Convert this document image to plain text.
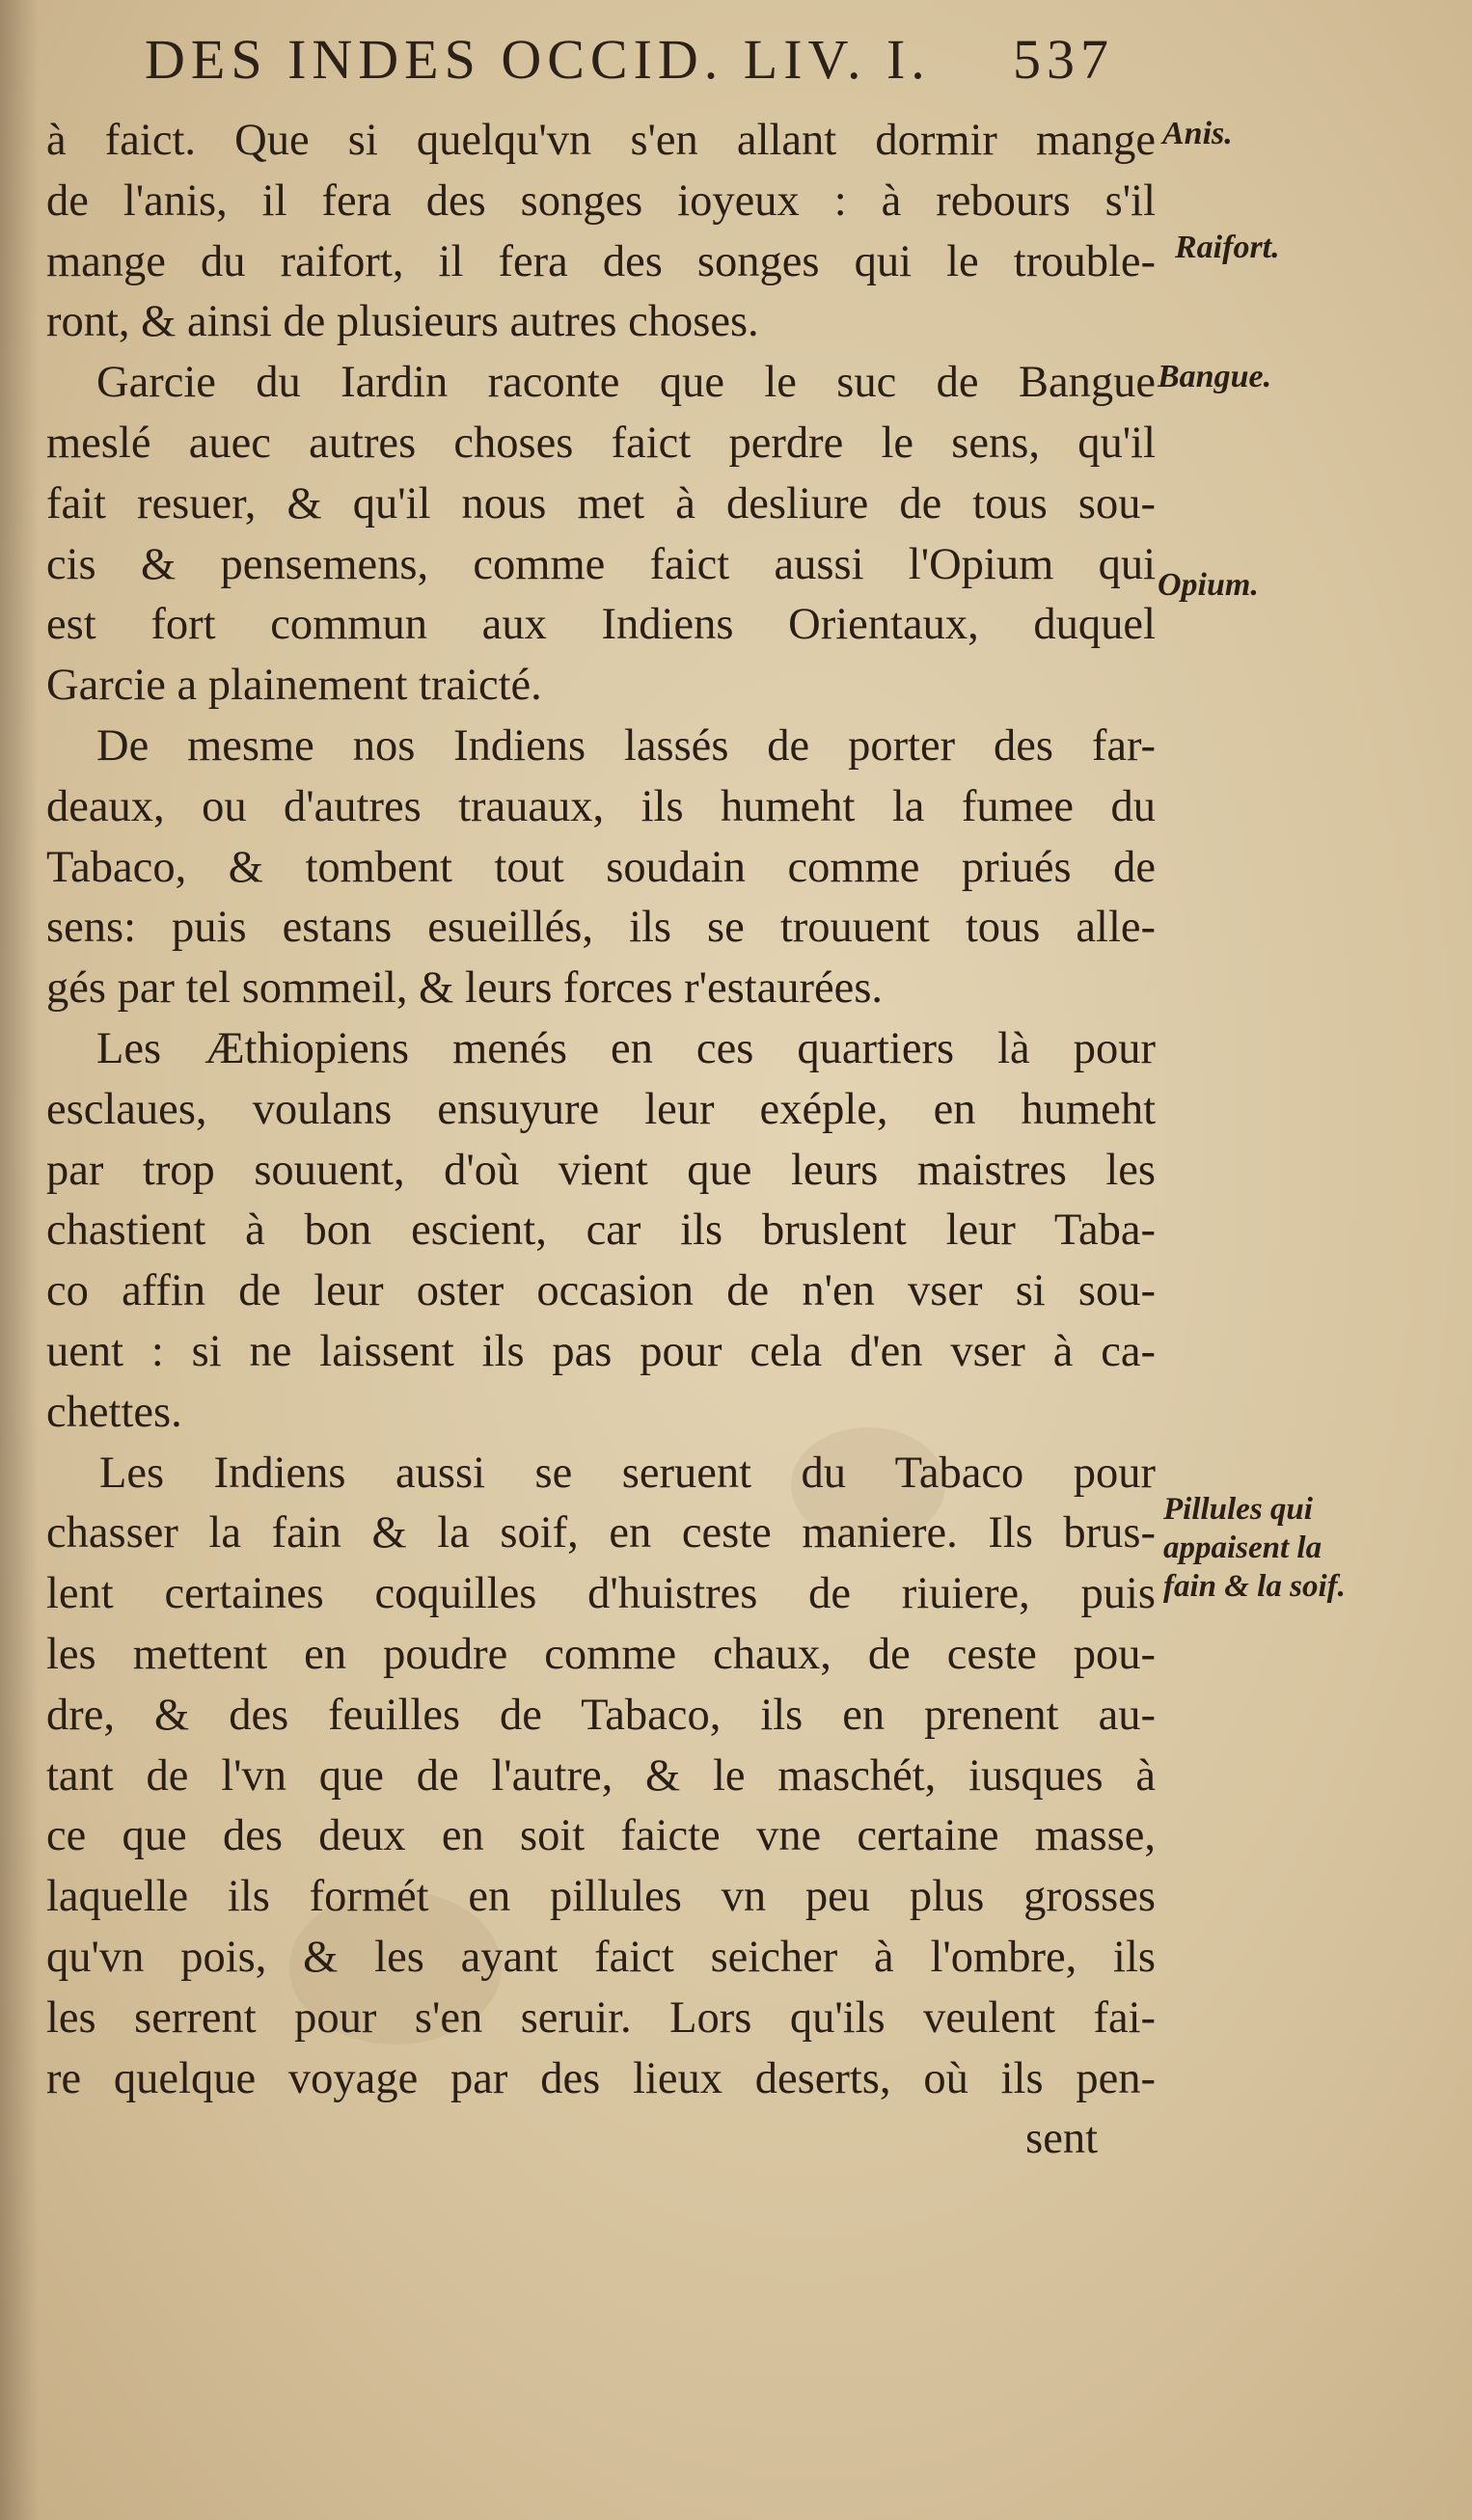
DES INDES OCCID. LIV. I. 537
à faict. Que si quelqu'vn s'en allant dormir mange
de l'anis, il fera des songes ioyeux : à rebours s'il
mange du raifort, il fera des songes qui le trouble-
ront, & ainsi de plusieurs autres choses.
Garcie du Iardin raconte que le suc de Bangue
meslé auec autres choses faict perdre le sens, qu'il
fait resuer, & qu'il nous met à desliure de tous sou-
cis & pensemens, comme faict aussi l'Opium qui
est fort commun aux Indiens Orientaux, duquel
Garcie a plainement traicté.
De mesme nos Indiens lassés de porter des far-
deaux, ou d'autres trauaux, ils humeht la fumee du
Tabaco, & tombent tout soudain comme priués de
sens: puis estans esueillés, ils se trouuent tous alle-
gés par tel sommeil, & leurs forces r'estaurées.
Les Æthiopiens menés en ces quartiers là pour
esclaues, voulans ensuyure leur exéple, en humeht
par trop souuent, d'où vient que leurs maistres les
chastient à bon escient, car ils bruslent leur Taba-
co affin de leur oster occasion de n'en vser si sou-
uent : si ne laissent ils pas pour cela d'en vser à ca-
chettes.
Les Indiens aussi se seruent du Tabaco pour
chasser la fain & la soif, en ceste maniere. Ils brus-
lent certaines coquilles d'huistres de riuiere, puis
les mettent en poudre comme chaux, de ceste pou-
dre, & des feuilles de Tabaco, ils en prenent au-
tant de l'vn que de l'autre, & le maschét, iusques à
ce que des deux en soit faicte vne certaine masse,
laquelle ils formét en pillules vn peu plus grosses
qu'vn pois, & les ayant faict seicher à l'ombre, ils
les serrent pour s'en seruir. Lors qu'ils veulent fai-
re quelque voyage par des lieux deserts, où ils pen-
sent
Anis.
Raifort.
Bangue.
Opium.
Pillules qui appaisent la fain & la soif.
